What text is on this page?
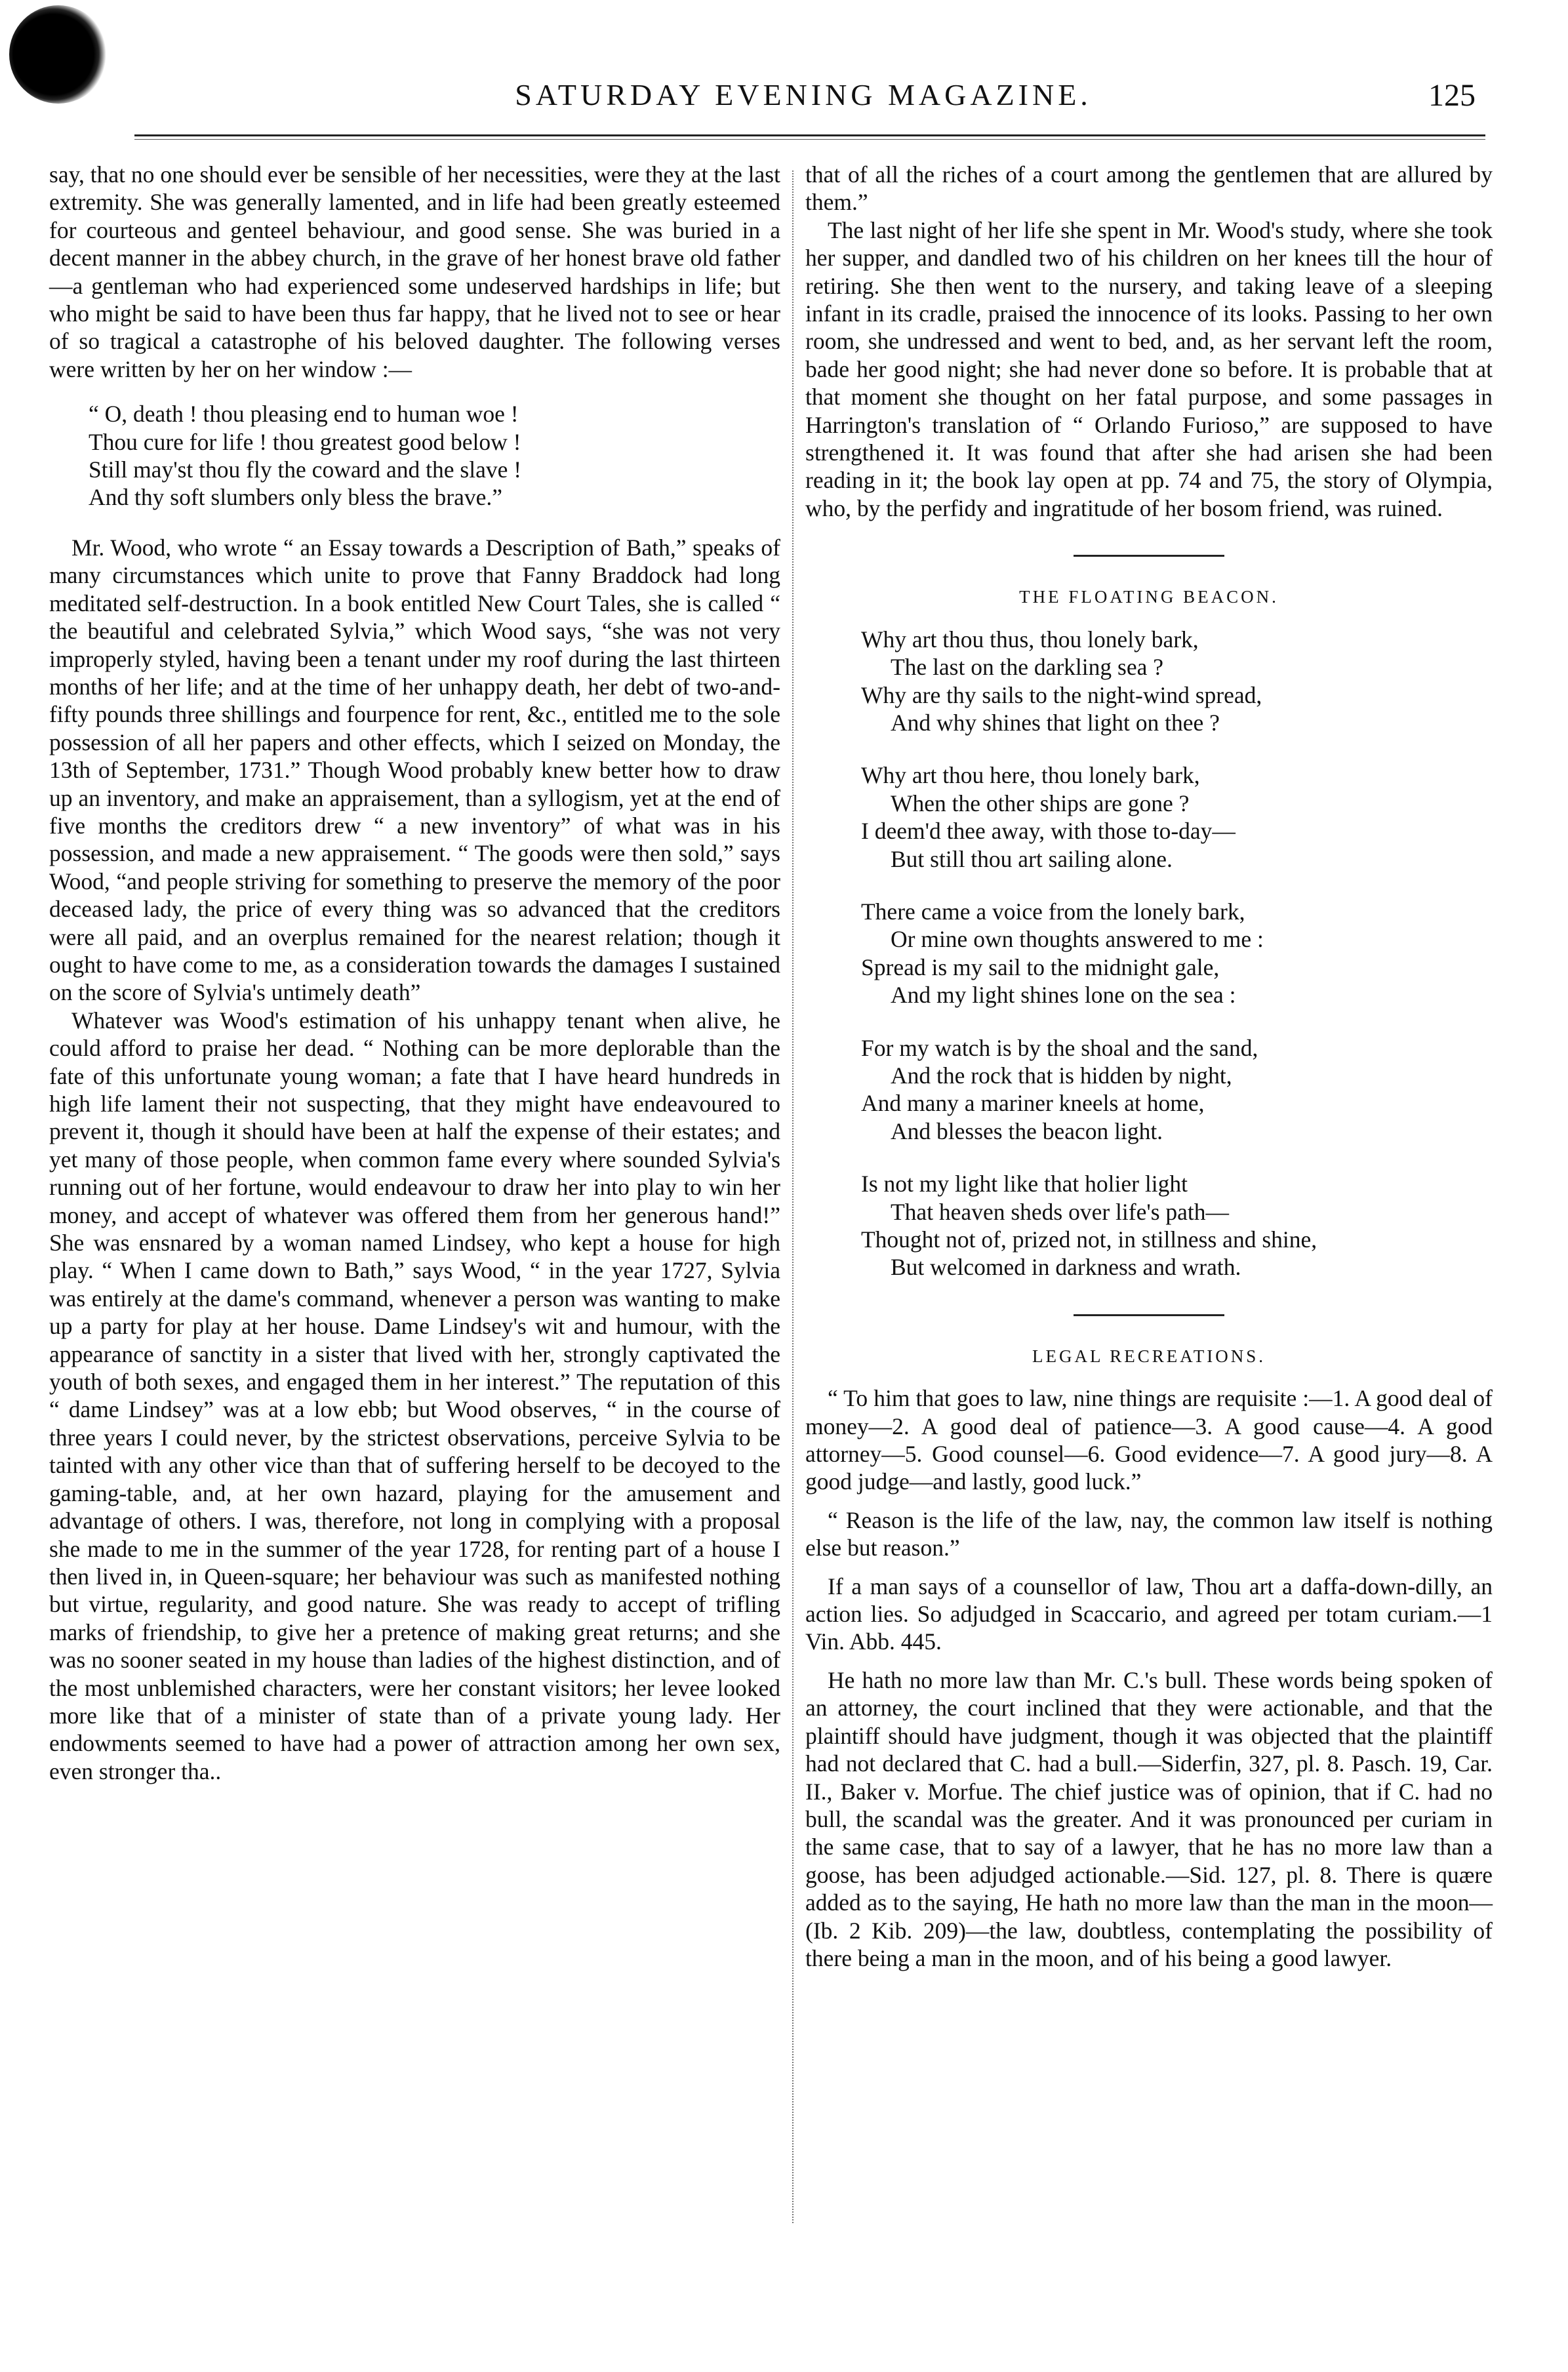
SATURDAY EVENING MAGAZINE.	125

say, that no one should ever be sensible of her necessities, were they at the last extremity. She was generally lamented, and in life had been greatly esteemed for courteous and genteel behaviour, and good sense. She was buried in a decent manner in the abbey church, in the grave of her honest brave old father—a gentleman who had experienced some undeserved hardships in life; but who might be said to have been thus far happy, that he lived not to see or hear of so tragical a catastrophe of his beloved daughter. The following verses were written by her on her window :—

“ O, death ! thou pleasing end to human woe !
Thou cure for life ! thou greatest good below !
Still may'st thou fly the coward and the slave !
And thy soft slumbers only bless the brave.”

Mr. Wood, who wrote “ an Essay towards a Description of Bath,” speaks of many circumstances which unite to prove that Fanny Braddock had long meditated self-destruction. In a book entitled New Court Tales, she is called “ the beautiful and celebrated Sylvia,” which Wood says, “she was not very improperly styled, having been a tenant under my roof during the last thirteen months of her life; and at the time of her unhappy death, her debt of two-and-fifty pounds three shillings and fourpence for rent, &c., entitled me to the sole possession of all her papers and other effects, which I seized on Monday, the 13th of September, 1731.” Though Wood probably knew better how to draw up an inventory, and make an appraisement, than a syllogism, yet at the end of five months the creditors drew “ a new inventory” of what was in his possession, and made a new appraisement. “ The goods were then sold,” says Wood, “and people striving for something to preserve the memory of the poor deceased lady, the price of every thing was so advanced that the creditors were all paid, and an overplus remained for the nearest relation; though it ought to have come to me, as a consideration towards the damages I sustained on the score of Sylvia's untimely death”

Whatever was Wood's estimation of his unhappy tenant when alive, he could afford to praise her dead. “ Nothing can be more deplorable than the fate of this unfortunate young woman; a fate that I have heard hundreds in high life lament their not suspecting, that they might have endeavoured to prevent it, though it should have been at half the expense of their estates; and yet many of those people, when common fame every where sounded Sylvia's running out of her fortune, would endeavour to draw her into play to win her money, and accept of whatever was offered them from her generous hand!” She was ensnared by a woman named Lindsey, who kept a house for high play. “ When I came down to Bath,” says Wood, “ in the year 1727, Sylvia was entirely at the dame's command, whenever a person was wanting to make up a party for play at her house. Dame Lindsey's wit and humour, with the appearance of sanctity in a sister that lived with her, strongly captivated the youth of both sexes, and engaged them in her interest.” The reputation of this “ dame Lindsey” was at a low ebb; but Wood observes, “ in the course of three years I could never, by the strictest observations, perceive Sylvia to be tainted with any other vice than that of suffering herself to be decoyed to the gaming-table, and, at her own hazard, playing for the amusement and advantage of others. I was, therefore, not long in complying with a proposal she made to me in the summer of the year 1728, for renting part of a house I then lived in, in Queen-square; her behaviour was such as manifested nothing but virtue, regularity, and good nature. She was ready to accept of trifling marks of friendship, to give her a pretence of making great returns; and she was no sooner seated in my house than ladies of the highest distinction, and of the most unblemished characters, were her constant visitors; her levee looked more like that of a minister of state than of a private young lady. Her endowments seemed to have had a power of attraction among her own sex, even stronger tha..

that of all the riches of a court among the gentlemen that are allured by them.”

The last night of her life she spent in Mr. Wood's study, where she took her supper, and dandled two of his children on her knees till the hour of retiring. She then went to the nursery, and taking leave of a sleeping infant in its cradle, praised the innocence of its looks. Passing to her own room, she undressed and went to bed, and, as her servant left the room, bade her good night; she had never done so before. It is probable that at that moment she thought on her fatal purpose, and some passages in Harrington's translation of “ Orlando Furioso,” are supposed to have strengthened it. It was found that after she had arisen she had been reading in it; the book lay open at pp. 74 and 75, the story of Olympia, who, by the perfidy and ingratitude of her bosom friend, was ruined.

THE FLOATING BEACON.
Why art thou thus, thou lonely bark,
The last on the darkling sea ?
Why are thy sails to the night-wind spread,
And why shines that light on thee ?
Why art thou here, thou lonely bark,
When the other ships are gone ?
I deem'd thee away, with those to-day—
But still thou art sailing alone.
There came a voice from the lonely bark,
Or mine own thoughts answered to me :
Spread is my sail to the midnight gale,
And my light shines lone on the sea :
For my watch is by the shoal and the sand,
And the rock that is hidden by night,
And many a mariner kneels at home,
And blesses the beacon light.
Is not my light like that holier light
That heaven sheds over life's path—
Thought not of, prized not, in stillness and shine,
But welcomed in darkness and wrath.
LEGAL RECREATIONS.

“ To him that goes to law, nine things are requisite :—1. A good deal of money—2. A good deal of patience—3. A good cause—4. A good attorney—5. Good counsel—6. Good evidence—7. A good jury—8. A good judge—and lastly, good luck.”

“ Reason is the life of the law, nay, the common law itself is nothing else but reason.”

If a man says of a counsellor of law, Thou art a daffa-down-dilly, an action lies. So adjudged in Scaccario, and agreed per totam curiam.—1 Vin. Abb. 445.

He hath no more law than Mr. C.'s bull. These words being spoken of an attorney, the court inclined that they were actionable, and that the plaintiff should have judgment, though it was objected that the plaintiff had not declared that C. had a bull.—Siderfin, 327, pl. 8. Pasch. 19, Car. II., Baker v. Morfue. The chief justice was of opinion, that if C. had no bull, the scandal was the greater. And it was pronounced per curiam in the same case, that to say of a lawyer, that he has no more law than a goose, has been adjudged actionable.—Sid. 127, pl. 8. There is quære added as to the saying, He hath no more law than the man in the moon—(Ib. 2 Kib. 209)—the law, doubtless, contemplating the possibility of there being a man in the moon, and of his being a good lawyer.
